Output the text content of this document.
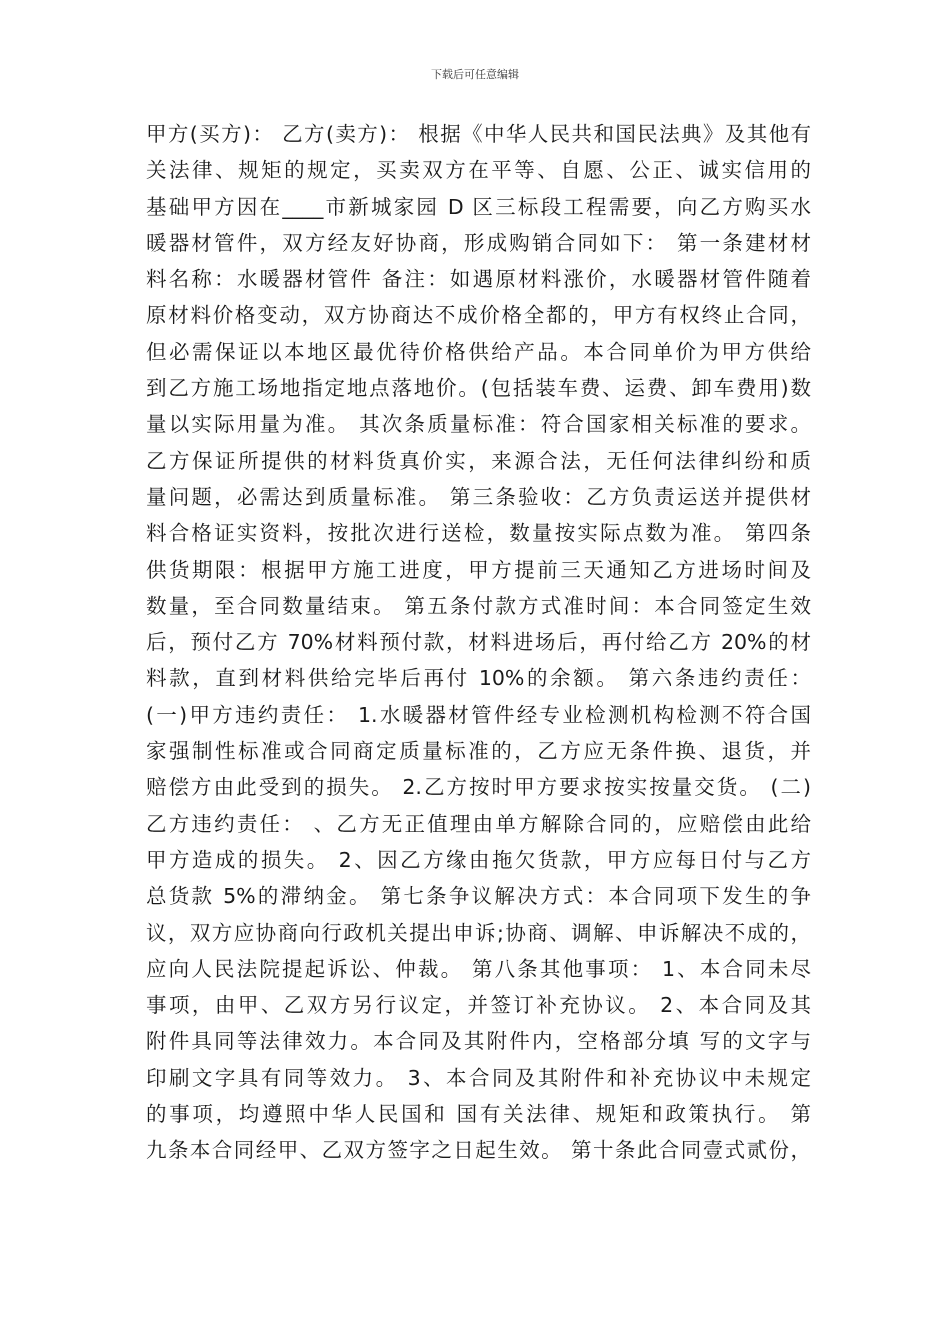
下载后可任意编辑
甲方(买方)： 乙方(卖方)： 根据《中华人民共和国民法典》及其他有
关法律、规矩的规定，买卖双方在平等、自愿、公正、诚实信用的
基础甲方因在____市新城家园 D 区三标段工程需要，向乙方购买水
暖器材管件，双方经友好协商，形成购销合同如下： 第一条建材材
料名称：水暖器材管件 备注：如遇原材料涨价，水暖器材管件随着
原材料价格变动，双方协商达不成价格全都的，甲方有权终止合同，
但必需保证以本地区最优待价格供给产品。本合同单价为甲方供给
到乙方施工场地指定地点落地价。(包括装车费、运费、卸车费用)数
量以实际用量为准。 其次条质量标准：符合国家相关标准的要求。
乙方保证所提供的材料货真价实，来源合法，无任何法律纠纷和质
量问题，必需达到质量标准。 第三条验收：乙方负责运送并提供材
料合格证实资料，按批次进行送检，数量按实际点数为准。 第四条
供货期限：根据甲方施工进度，甲方提前三天通知乙方进场时间及
数量，至合同数量结束。 第五条付款方式准时间：本合同签定生效
后，预付乙方 70%材料预付款，材料进场后，再付给乙方 20%的材
料款，直到材料供给完毕后再付 10%的余额。 第六条违约责任：
(一)甲方违约责任： 1.水暖器材管件经专业检测机构检测不符合国
家强制性标准或合同商定质量标准的，乙方应无条件换、退货，并
赔偿方由此受到的损失。 2.乙方按时甲方要求按实按量交货。 (二)
乙方违约责任： 、乙方无正值理由单方解除合同的，应赔偿由此给
甲方造成的损失。 2、因乙方缘由拖欠货款，甲方应每日付与乙方
总货款 5%的滞纳金。 第七条争议解决方式：本合同项下发生的争
议，双方应协商向行政机关提出申诉;协商、调解、申诉解决不成的，
应向人民法院提起诉讼、仲裁。 第八条其他事项： 1、本合同未尽
事项，由甲、乙双方另行议定，并签订补充协议。 2、本合同及其
附件具同等法律效力。本合同及其附件内，空格部分填 写的文字与
印刷文字具有同等效力。 3、本合同及其附件和补充协议中未规定
的事项，均遵照中华人民国和 国有关法律、规矩和政策执行。 第
九条本合同经甲、乙双方签字之日起生效。 第十条此合同壹式贰份，
